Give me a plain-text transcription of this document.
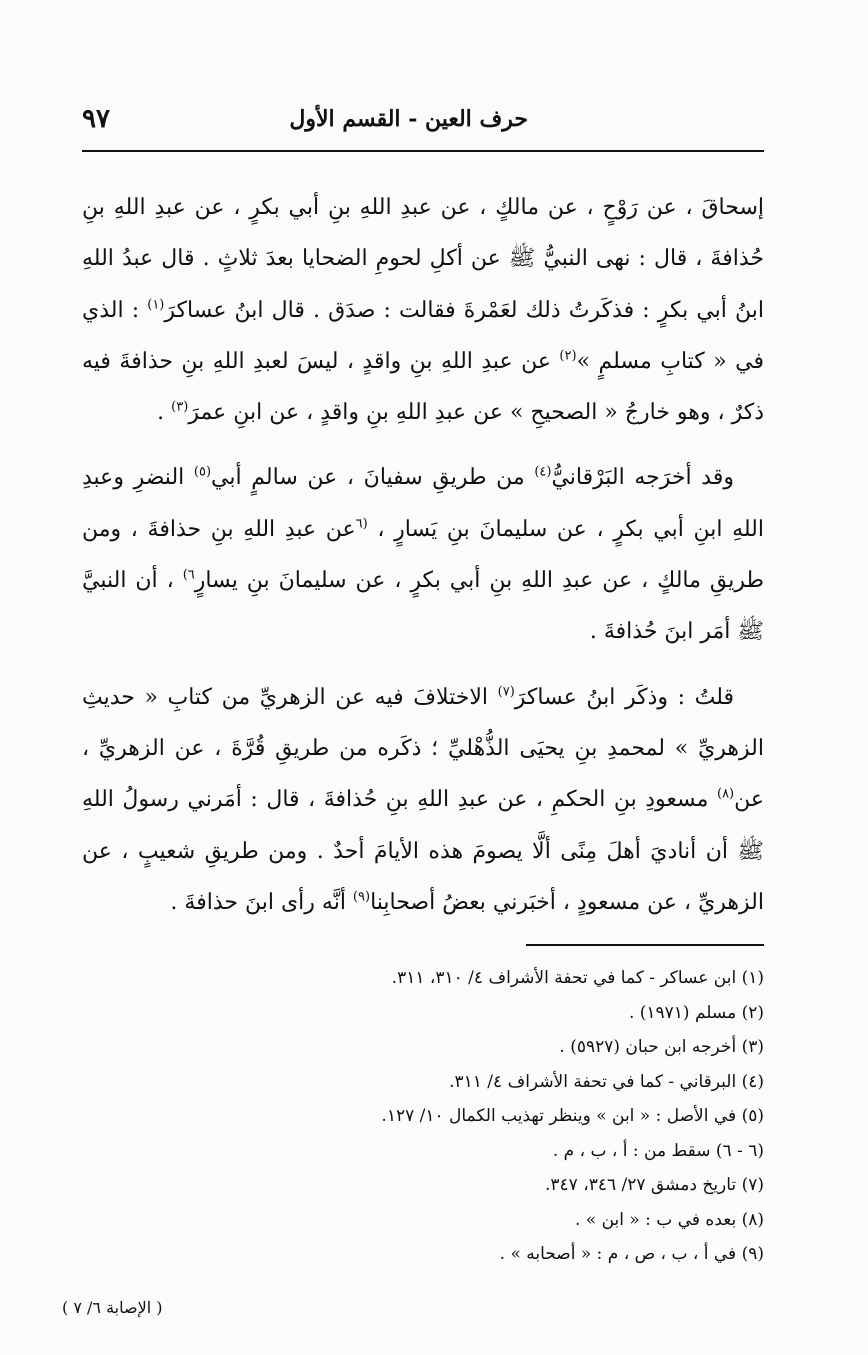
٩٧	حرف العين - القسم الأول

إسحاقَ ، عن رَوْحٍ ، عن مالكٍ ، عن عبدِ اللهِ بنِ أبي بكرٍ ، عن عبدِ اللهِ بنِ حُذافةَ ، قال : نهى النبيُّ ﷺ عن أكلِ لحومِ الضحايا بعدَ ثلاثٍ . قال عبدُ اللهِ ابنُ أبي بكرٍ : فذكَرتُ ذلك لعَمْرةَ فقالت : صدَق . قال ابنُ عساكرَ$^{(١)}$ : الذي في « كتابِ مسلمٍ »$^{(٢)}$ عن عبدِ اللهِ بنِ واقدٍ ، ليسَ لعبدِ اللهِ بنِ حذافةَ فيه ذكرٌ ، وهو خارجُ « الصحيحِ » عن عبدِ اللهِ بنِ واقدٍ ، عن ابنِ عمرَ$^{(٣)}$ .

وقد أخرَجه البَرْقانيُّ$^{(٤)}$ من طريقِ سفيانَ ، عن سالمٍ أبي$^{(٥)}$ النضرِ وعبدِ اللهِ ابنِ أبي بكرٍ ، عن سليمانَ بنِ يَسارٍ ، $^{(٦}$عن عبدِ اللهِ بنِ حذافةَ ، ومن طريقِ مالكٍ ، عن عبدِ اللهِ بنِ أبي بكرٍ ، عن سليمانَ بنِ يسارٍ$^{٦)}$ ، أن النبيَّ ﷺ أمَر ابنَ حُذافةَ .

قلتُ : وذكَر ابنُ عساكرَ$^{(٧)}$ الاختلافَ فيه عن الزهريِّ من كتابِ « حديثِ الزهريِّ » لمحمدِ بنِ يحيَى الذُّهْليِّ ؛ ذكَره من طريقِ قُرَّةَ ، عن الزهريِّ ، عن$^{(٨)}$ مسعودِ بنِ الحكمِ ، عن عبدِ اللهِ بنِ حُذافةَ ، قال : أمَرني رسولُ اللهِ ﷺ أن أناديَ أهلَ مِنًى ألَّا يصومَ هذه الأيامَ أحدٌ . ومن طريقِ شعيبٍ ، عن الزهريِّ ، عن مسعودٍ ، أخبَرني بعضُ أصحابِنا$^{(٩)}$ أنَّه رأى ابنَ حذافةَ .

(١) ابن عساكر - كما في تحفة الأشراف ٤/ ٣١٠، ٣١١.
(٢) مسلم (١٩٧١) .
(٣) أخرجه ابن حبان (٥٩٢٧) .
(٤) البرقاني - كما في تحفة الأشراف ٤/ ٣١١.
(٥) في الأصل : « ابن » وينظر تهذيب الكمال ١٠/ ١٢٧.
(٦ - ٦) سقط من : أ ، ب ، م .
(٧) تاريخ دمشق ٢٧/ ٣٤٦، ٣٤٧.
(٨) بعده في ب : « ابن » .
(٩) في أ ، ب ، ص ، م : « أصحابه » .
( الإصابة ٦/ ٧ )
